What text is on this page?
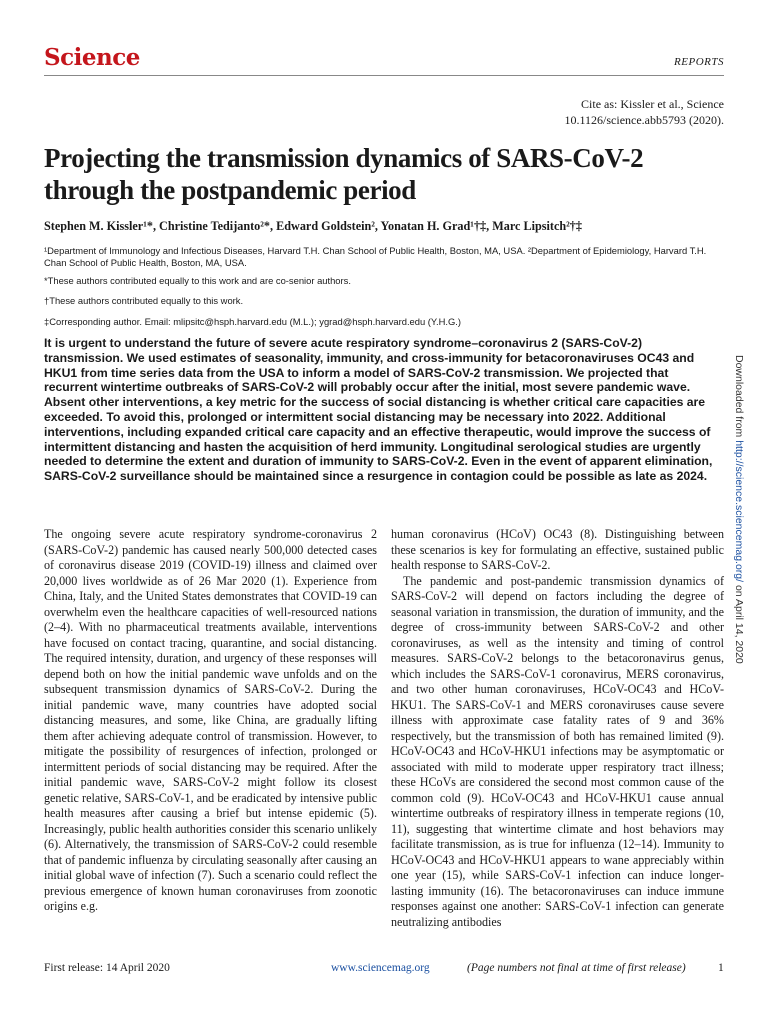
Science	REPORTS
Cite as: Kissler et al., Science
10.1126/science.abb5793 (2020).
Projecting the transmission dynamics of SARS-CoV-2 through the postpandemic period
Stephen M. Kissler¹*, Christine Tedijanto²*, Edward Goldstein², Yonatan H. Grad¹†‡, Marc Lipsitch²†‡
¹Department of Immunology and Infectious Diseases, Harvard T.H. Chan School of Public Health, Boston, MA, USA. ²Department of Epidemiology, Harvard T.H. Chan School of Public Health, Boston, MA, USA.
*These authors contributed equally to this work and are co-senior authors.
†These authors contributed equally to this work.
‡Corresponding author. Email: mlipsitc@hsph.harvard.edu (M.L.); ygrad@hsph.harvard.edu (Y.H.G.)
It is urgent to understand the future of severe acute respiratory syndrome–coronavirus 2 (SARS-CoV-2) transmission. We used estimates of seasonality, immunity, and cross-immunity for betacoronaviruses OC43 and HKU1 from time series data from the USA to inform a model of SARS-CoV-2 transmission. We projected that recurrent wintertime outbreaks of SARS-CoV-2 will probably occur after the initial, most severe pandemic wave. Absent other interventions, a key metric for the success of social distancing is whether critical care capacities are exceeded. To avoid this, prolonged or intermittent social distancing may be necessary into 2022. Additional interventions, including expanded critical care capacity and an effective therapeutic, would improve the success of intermittent distancing and hasten the acquisition of herd immunity. Longitudinal serological studies are urgently needed to determine the extent and duration of immunity to SARS-CoV-2. Even in the event of apparent elimination, SARS-CoV-2 surveillance should be maintained since a resurgence in contagion could be possible as late as 2024.

The ongoing severe acute respiratory syndrome-coronavirus 2 (SARS-CoV-2) pandemic has caused nearly 500,000 detected cases of coronavirus disease 2019 (COVID-19) illness and claimed over 20,000 lives worldwide as of 26 Mar 2020 (1). Experience from China, Italy, and the United States demonstrates that COVID-19 can overwhelm even the healthcare capacities of well-resourced nations (2–4). With no pharmaceutical treatments available, interventions have focused on contact tracing, quarantine, and social distancing. The required intensity, duration, and urgency of these responses will depend both on how the initial pandemic wave unfolds and on the subsequent transmission dynamics of SARS-CoV-2. During the initial pandemic wave, many countries have adopted social distancing measures, and some, like China, are gradually lifting them after achieving adequate control of transmission. However, to mitigate the possibility of resurgences of infection, prolonged or intermittent periods of social distancing may be required. After the initial pandemic wave, SARS-CoV-2 might follow its closest genetic relative, SARS-CoV-1, and be eradicated by intensive public health measures after causing a brief but intense epidemic (5). Increasingly, public health authorities consider this scenario unlikely (6). Alternatively, the transmission of SARS-CoV-2 could resemble that of pandemic influenza by circulating seasonally after causing an initial global wave of infection (7). Such a scenario could reflect the previous emergence of known human coronaviruses from zoonotic origins e.g.

human coronavirus (HCoV) OC43 (8). Distinguishing between these scenarios is key for formulating an effective, sustained public health response to SARS-CoV-2.

The pandemic and post-pandemic transmission dynamics of SARS-CoV-2 will depend on factors including the degree of seasonal variation in transmission, the duration of immunity, and the degree of cross-immunity between SARS-CoV-2 and other coronaviruses, as well as the intensity and timing of control measures. SARS-CoV-2 belongs to the betacoronavirus genus, which includes the SARS-CoV-1 coronavirus, MERS coronavirus, and two other human coronaviruses, HCoV-OC43 and HCoV-HKU1. The SARS-CoV-1 and MERS coronaviruses cause severe illness with approximate case fatality rates of 9 and 36% respectively, but the transmission of both has remained limited (9). HCoV-OC43 and HCoV-HKU1 infections may be asymptomatic or associated with mild to moderate upper respiratory tract illness; these HCoVs are considered the second most common cause of the common cold (9). HCoV-OC43 and HCoV-HKU1 cause annual wintertime outbreaks of respiratory illness in temperate regions (10, 11), suggesting that wintertime climate and host behaviors may facilitate transmission, as is true for influenza (12–14). Immunity to HCoV-OC43 and HCoV-HKU1 appears to wane appreciably within one year (15), while SARS-CoV-1 infection can induce longer-lasting immunity (16). The betacoronaviruses can induce immune responses against one another: SARS-CoV-1 infection can generate neutralizing antibodies

Downloaded from http://science.sciencemag.org/ on April 14, 2020
First release: 14 April 2020	www.sciencemag.org	(Page numbers not final at time of first release)	1
